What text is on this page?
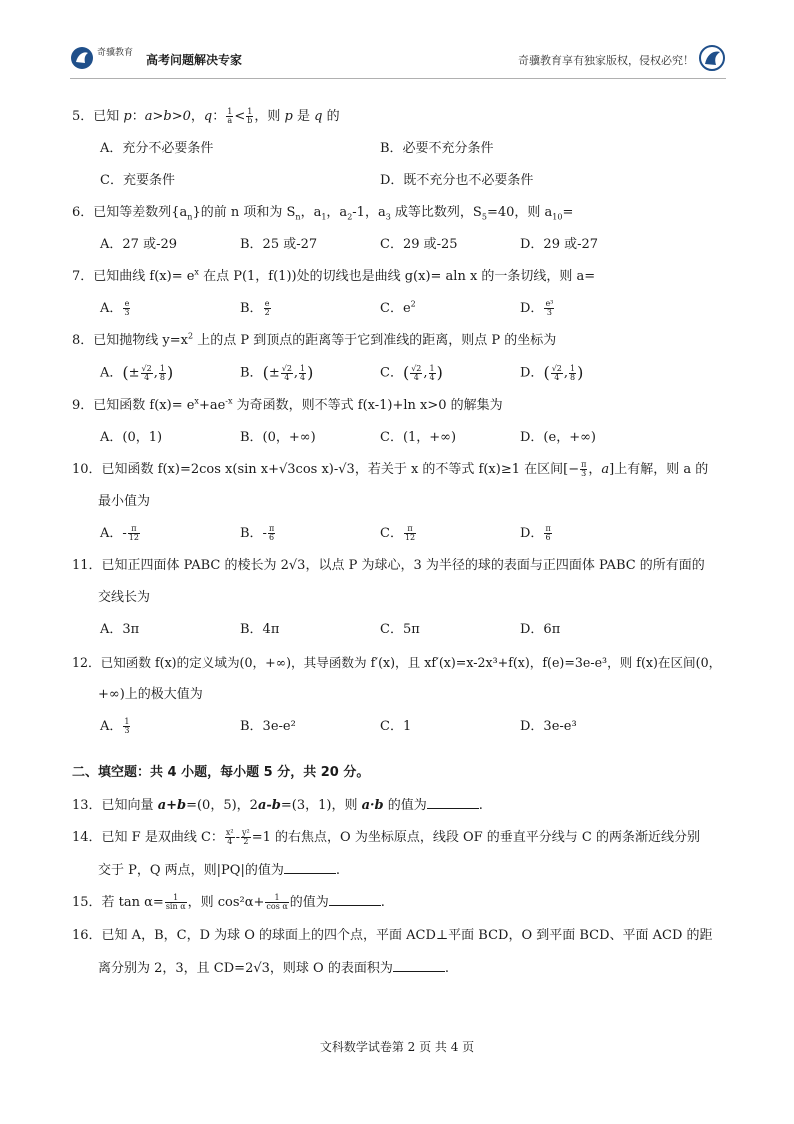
奇骥教育 高考问题解决专家	奇骥教育享有独家版权，侵权必究！
5．已知 p：a>b>0，q： $\frac{1}{a} < \frac{1}{b}$ ，则 p 是 q 的
A．充分不必要条件	B．必要不充分条件
C．充要条件	D．既不充分也不必要条件
6．已知等差数列$\{a_n\}$的前 n 项和为 $S_n$，$a_1$，$a_2-1$，$a_3$ 成等比数列，$S_5=40$，则 $a_{10}=$
A．27 或-29	B．25 或-27	C．29 或-25	D．29 或-27
7．已知曲线 $f(x)= e^x$ 在点 P(1，f(1))处的切线也是曲线 g(x)= aln x 的一条切线，则 a=
A． $\frac{e}{3}$	B． $\frac{e}{2}$	C．$e^2$	D． $\frac{\text{e³}}{3}$
8．已知抛物线 $y=x^2$ 上的点 P 到顶点的距离等于它到准线的距离，则点 P 的坐标为
A．(± $\frac{√2}{4}$ , $\frac{1}{8}$ )	B．(± $\frac{√2}{4}$ , $\frac{1}{4}$ )	C．( $\frac{√2}{4}$ , $\frac{1}{4}$ )	D．( $\frac{√2}{4}$ , $\frac{1}{8}$ )
9．已知函数 $f(x)= e^x+ae^{-x}$ 为奇函数，则不等式 f(x-1)+ln x>0 的解集为
A．(0，1)	B．(0，+∞)	C．(1，+∞)	D．(e，+∞)
10．已知函数 f(x)=2cos x(sin x+√3cos x)-√3，若关于 x 的不等式 f(x)≥1 在区间[− $\frac{\pi}{3}$ ，a]上有解，则 a 的
最小值为
A．- $\frac{\pi}{12}$	B．- $\frac{\pi}{6}$	C． $\frac{\pi}{12}$	D． $\frac{\pi}{6}$
11．已知正四面体 PABC 的棱长为 2√3，以点 P 为球心，3 为半径的球的表面与正四面体 PABC 的所有面的
交线长为
A．3π	B．4π	C．5π	D．6π
12．已知函数 f(x)的定义域为(0，+∞)，其导函数为 f′(x)，且 xf′(x)=x-2x³+f(x)，f(e)=3e-e³，则 f(x)在区间(0，
+∞)上的极大值为
A． $\frac{1}{3}$	B．3e-e²	C．1	D．3e-e³
二、填空题：共 4 小题，每小题 5 分，共 20 分。
13．已知向量 a+b=(0，5)，2a-b=(3，1)，则 a·b 的值为	.
14．已知 F 是双曲线 C： $\frac{\text{x²}}{4} - \frac{\text{y²}}{2} =1$ 的右焦点，O 为坐标原点，线段 OF 的垂直平分线与 C 的两条渐近线分别
交于 P，Q 两点，则|PQ|的值为	.
15．若 $\tan \alpha= \frac{1}{\text{sin α}}$ ，则 $\cos^2\alpha+ \frac{1}{\text{cos α}}$ 的值为	.
16．已知 A，B，C，D 为球 O 的球面上的四个点，平面 ACD⊥平面 BCD，O 到平面 BCD、平面 ACD 的距
离分别为 2，3，且 CD=2√3，则球 O 的表面积为	.
文科数学试卷第 2 页 共 4 页
